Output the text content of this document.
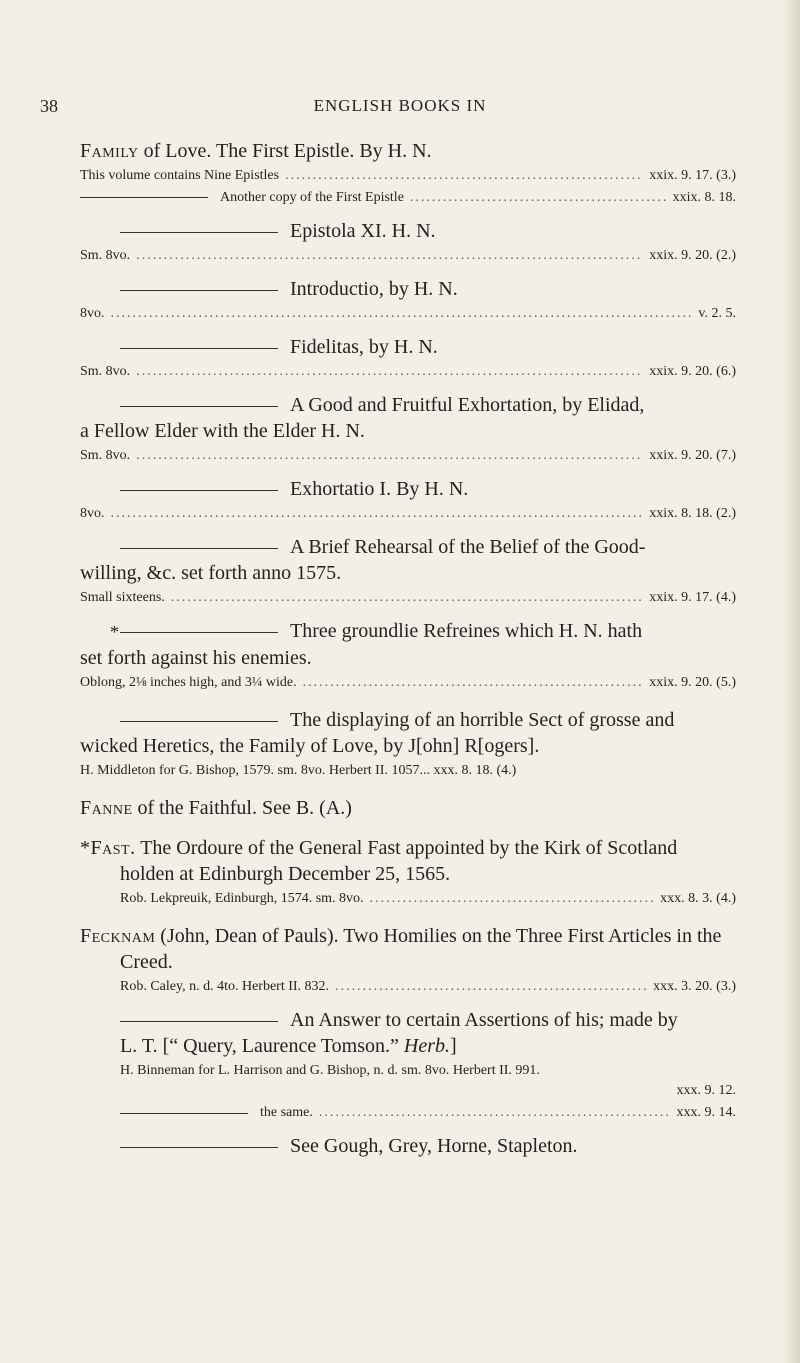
38	ENGLISH BOOKS IN
Family of Love. The First Epistle. By H. N.
This volume contains Nine Epistles .....	xxix. 9. 17. (3.)
Another copy of the First Epistle .....	xxix. 8. 18.
Epistola XI. H. N.
Sm. 8vo. .....	xxix. 9. 20. (2.)
Introductio, by H. N.
8vo. .....	v. 2. 5.
Fidelitas, by H. N.
Sm. 8vo. .....	xxix. 9. 20. (6.)
A Good and Fruitful Exhortation, by Elidad,
a Fellow Elder with the Elder H. N.
Sm. 8vo. .....	xxix. 9. 20. (7.)
Exhortatio I. By H. N.
8vo. .....	xxix. 8. 18. (2.)
A Brief Rehearsal of the Belief of the Good-
willing, &c. set forth anno 1575.
Small sixteens. .....	xxix. 9. 17. (4.)
*	Three groundlie Refreines which H. N. hath
set forth against his enemies.
Oblong, 2⅛ inches high, and 3¼ wide. .....	xxix. 9. 20. (5.)
The displaying of an horrible Sect of grosse and
wicked Heretics, the Family of Love, by J[ohn] R[ogers].
H. Middleton for G. Bishop, 1579. sm. 8vo. Herbert II. 1057... xxx. 8. 18. (4.)
Fanne of the Faithful. See B. (A.)
*Fast. The Ordoure of the General Fast appointed by the Kirk of Scotland holden at Edinburgh December 25, 1565.
Rob. Lekpreuik, Edinburgh, 1574. sm. 8vo. .....	xxx. 8. 3. (4.)
Fecknam (John, Dean of Pauls). Two Homilies on the Three First Articles in the Creed.
Rob. Caley, n. d. 4to. Herbert II. 832. .....	xxx. 3. 20. (3.)
An Answer to certain Assertions of his; made by
L. T. [“ Query, Laurence Tomson.” Herb.]
H. Binneman for L. Harrison and G. Bishop, n. d. sm. 8vo. Herbert II. 991.
xxx. 9. 12.
the same. .....	xxx. 9. 14.
See Gough, Grey, Horne, Stapleton.
